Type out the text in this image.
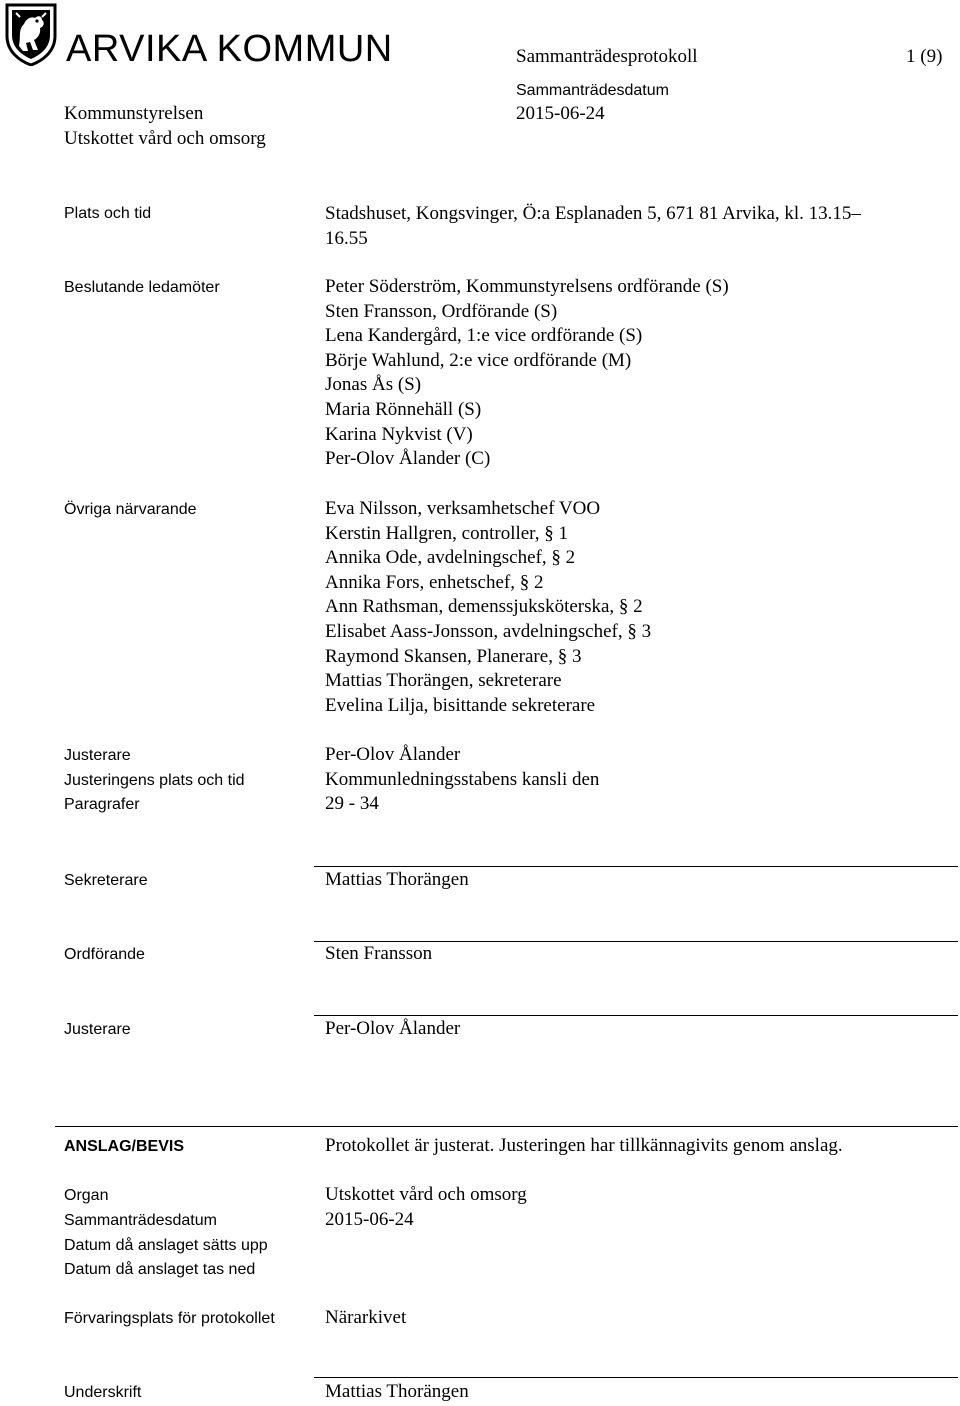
ARVIKA KOMMUN	Sammanträdesprotokoll	1 (9)
Sammanträdesdatum
Kommunstyrelsen	2015-06-24
Utskottet vård och omsorg
Plats och tid	Stadshuset, Kongsvinger, Ö:a Esplanaden 5, 671 81 Arvika, kl. 13.15–
16.55
Beslutande ledamöter	Peter Söderström, Kommunstyrelsens ordförande (S)
Sten Fransson, Ordförande (S)
Lena Kandergård, 1:e vice ordförande (S)
Börje Wahlund, 2:e vice ordförande (M)
Jonas Ås (S)
Maria Rönnehäll (S)
Karina Nykvist (V)
Per-Olov Ålander (C)
Övriga närvarande	Eva Nilsson, verksamhetschef VOO
Kerstin Hallgren, controller, § 1
Annika Ode, avdelningschef, § 2
Annika Fors, enhetschef, § 2
Ann Rathsman, demenssjuksköterska, § 2
Elisabet Aass-Jonsson, avdelningschef, § 3
Raymond Skansen, Planerare, § 3
Mattias Thorängen, sekreterare
Evelina Lilja, bisittande sekreterare
Justerare	Per-Olov Ålander
Justeringens plats och tid	Kommunledningsstabens kansli den
Paragrafer	29 - 34
Sekreterare	Mattias Thorängen
Ordförande	Sten Fransson
Justerare	Per-Olov Ålander
ANSLAG/BEVIS	Protokollet är justerat. Justeringen har tillkännagivits genom anslag.
Organ	Utskottet vård och omsorg
Sammanträdesdatum	2015-06-24
Datum då anslaget sätts upp
Datum då anslaget tas ned
Förvaringsplats för protokollet	Närarkivet
Underskrift	Mattias Thorängen
